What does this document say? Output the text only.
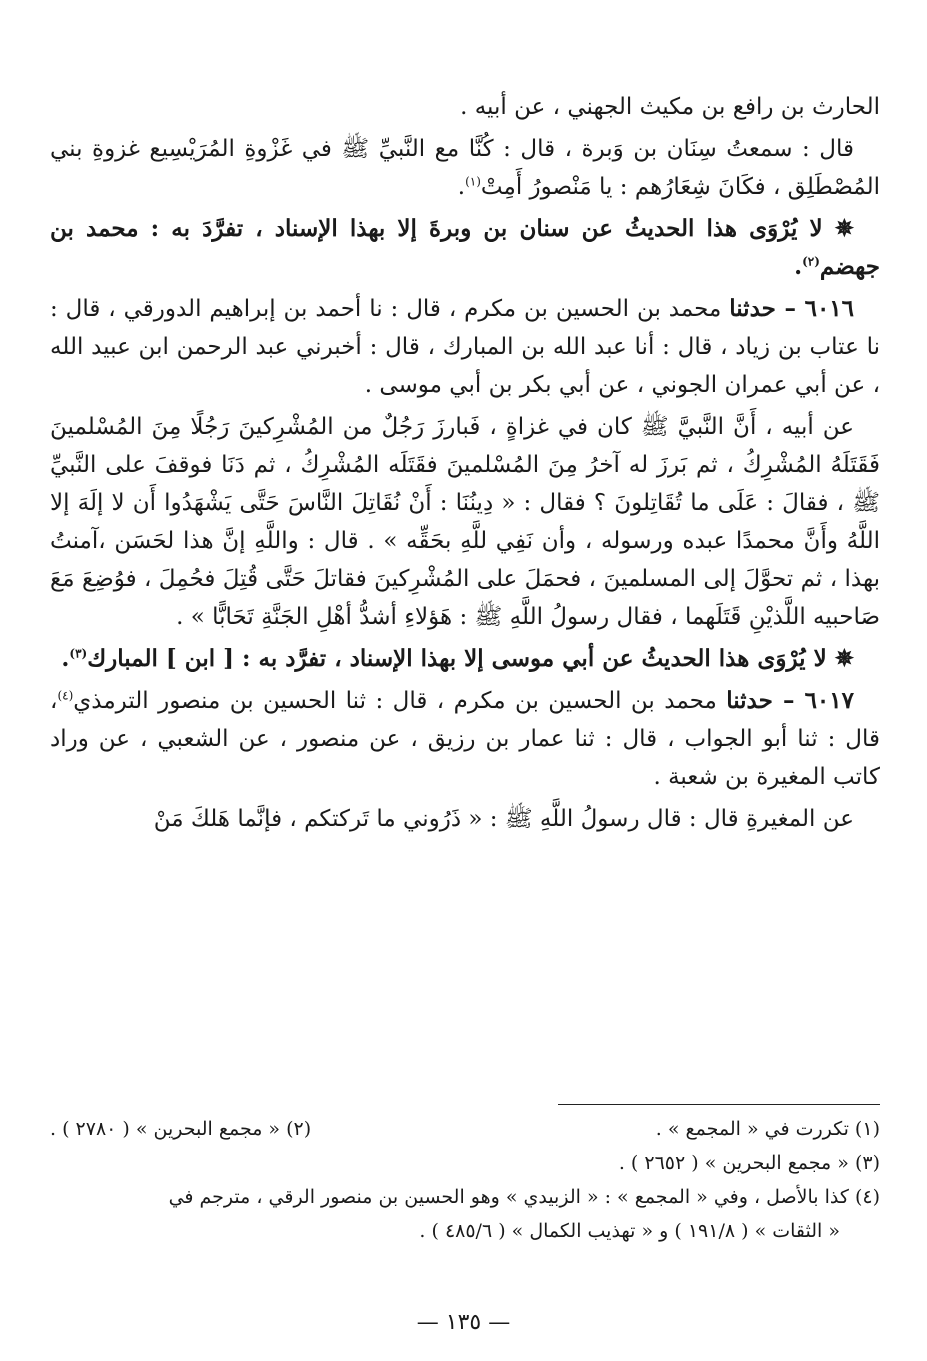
الحارث بن رافع بن مكيث الجهني ، عن أبيه .

قال : سمعتُ سِنَان بن وَبرة ، قال : كُنَّا مع النَّبيِّ ﷺ في غَزْوةِ المُرَيْسِيع غزوةِ بني المُصْطَلِق ، فكَانَ شِعَارُهم : يا مَنْصورُ أَمِتْ$^{(١)}$.

✵ لا يُرْوَى هذا الحديثُ عن سنان بن وبرةَ إلا بهذا الإسناد ، تفرَّدَ به : محمد بن جهضم$^{(٢)}$.

٦٠١٦ – حدثنا محمد بن الحسين بن مكرم ، قال : نا أحمد بن إبراهيم الدورقي ، قال : نا عتاب بن زياد ، قال : أنا عبد الله بن المبارك ، قال : أخبرني عبد الرحمن ابن عبيد الله ، عن أبي عمران الجوني ، عن أبي بكر بن أبي موسى .

عن أبيه ، أَنَّ النَّبيَّ ﷺ كان في غزاةٍ ، فَبارزَ رَجُلٌ من المُشْرِكينَ رَجُلًا مِنَ المُسْلمينَ فَقَتَلَهُ المُشْرِكُ ، ثم بَرزَ له آخرُ مِنَ المُسْلمينَ فقَتَلَه المُشْرِكُ ، ثم دَنَا فوقفَ على النَّبيِّ ﷺ ، فقالَ : عَلَى ما تُقَاتِلونَ ؟ فقال : « دِينُنَا : أَنْ نُقَاتِلَ النَّاسَ حَتَّى يَشْهَدُوا أَن لا إلَهَ إلا اللَّهُ وأَنَّ محمدًا عبده ورسوله ، وأن نَفِي للَّهِ بحَقِّه » . قال : واللَّهِ إنَّ هذا لحَسَن ،آمنتُ بهذا ، ثم تحوَّلَ إلى المسلمينَ ، فحمَلَ على المُشْرِكينَ فقاتلَ حَتَّى قُتِلَ فحُمِلَ ، فوُضِعَ مَعَ صَاحبيه اللَّذيْنِ قَتَلَهما ، فقال رسولُ اللَّهِ ﷺ : هَؤلاءِ أشدُّ أهْلِ الجَنَّةِ تَحَابًّا » .

✵ لا يُرْوَى هذا الحديثُ عن أبي موسى إلا بهذا الإسناد ، تفرَّد به : [ ابن ] المبارك$^{(٣)}$.

٦٠١٧ – حدثنا محمد بن الحسين بن مكرم ، قال : ثنا الحسين بن منصور الترمذي$^{(٤)}$، قال : ثنا أبو الجواب ، قال : ثنا عمار بن رزيق ، عن منصور ، عن الشعبي ، عن وراد كاتب المغيرة بن شعبة .

عن المغيرةِ قال : قال رسولُ اللَّهِ ﷺ : « ذَرُوني ما تَركتكم ، فإنَّما هَلكَ مَنْ

(١) تكررت في « المجمع » .
(٢) « مجمع البحرين » ( ٢٧٨٠ ) .
(٣) « مجمع البحرين » ( ٢٦٥٢ ) .
(٤) كذا بالأصل ، وفي « المجمع » : « الزبيدي » وهو الحسين بن منصور الرقي ، مترجم في
« الثقات » ( ١٩١/٨ ) و « تهذيب الكمال » ( ٤٨٥/٦ ) .
— ١٣٥ —
